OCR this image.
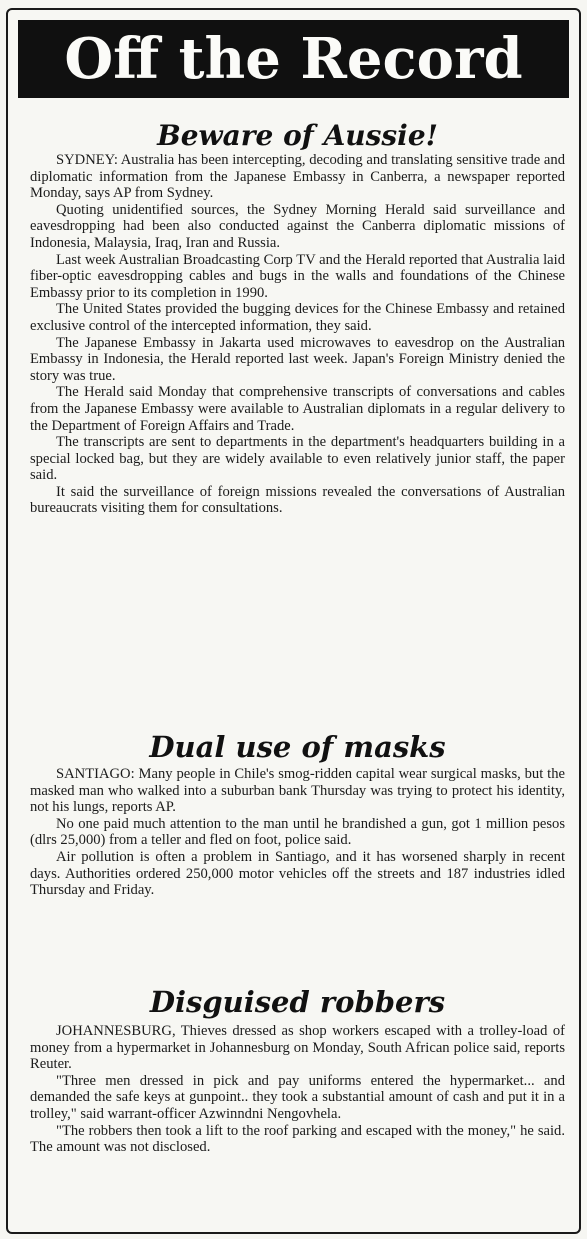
Off the Record
Beware of Aussie!

SYDNEY: Australia has been intercepting, decoding and translating sensitive trade and diplomatic information from the Japanese Embassy in Canberra, a newspaper reported Monday, says AP from Sydney.

Quoting unidentified sources, the Sydney Morning Herald said surveillance and eavesdropping had been also conducted against the Canberra diplomatic missions of Indonesia, Malaysia, Iraq, Iran and Russia.

Last week Australian Broadcasting Corp TV and the Herald reported that Australia laid fiber-optic eavesdropping cables and bugs in the walls and foundations of the Chinese Embassy prior to its completion in 1990.

The United States provided the bugging devices for the Chinese Embassy and retained exclusive control of the intercepted information, they said.

The Japanese Embassy in Jakarta used microwaves to eavesdrop on the Australian Embassy in Indonesia, the Herald reported last week. Japan's Foreign Ministry denied the story was true.

The Herald said Monday that comprehensive transcripts of conversations and cables from the Japanese Embassy were available to Australian diplomats in a regular delivery to the Department of Foreign Affairs and Trade.

The transcripts are sent to departments in the department's headquarters building in a special locked bag, but they are widely available to even relatively junior staff, the paper said.

It said the surveillance of foreign missions revealed the conversations of Australian bureaucrats visiting them for consultations.

Dual use of masks

SANTIAGO: Many people in Chile's smog-ridden capital wear surgical masks, but the masked man who walked into a suburban bank Thursday was trying to protect his identity, not his lungs, reports AP.

No one paid much attention to the man until he brandished a gun, got 1 million pesos (dlrs 25,000) from a teller and fled on foot, police said.

Air pollution is often a problem in Santiago, and it has worsened sharply in recent days. Authorities ordered 250,000 motor vehicles off the streets and 187 industries idled Thursday and Friday.

Disguised robbers

JOHANNESBURG, Thieves dressed as shop workers escaped with a trolley-load of money from a hypermarket in Johannesburg on Monday, South African police said, reports Reuter.

"Three men dressed in pick and pay uniforms entered the hypermarket... and demanded the safe keys at gunpoint.. they took a substantial amount of cash and put it in a trolley," said warrant-officer Azwinndni Nengovhela.

"The robbers then took a lift to the roof parking and escaped with the money," he said. The amount was not disclosed.
